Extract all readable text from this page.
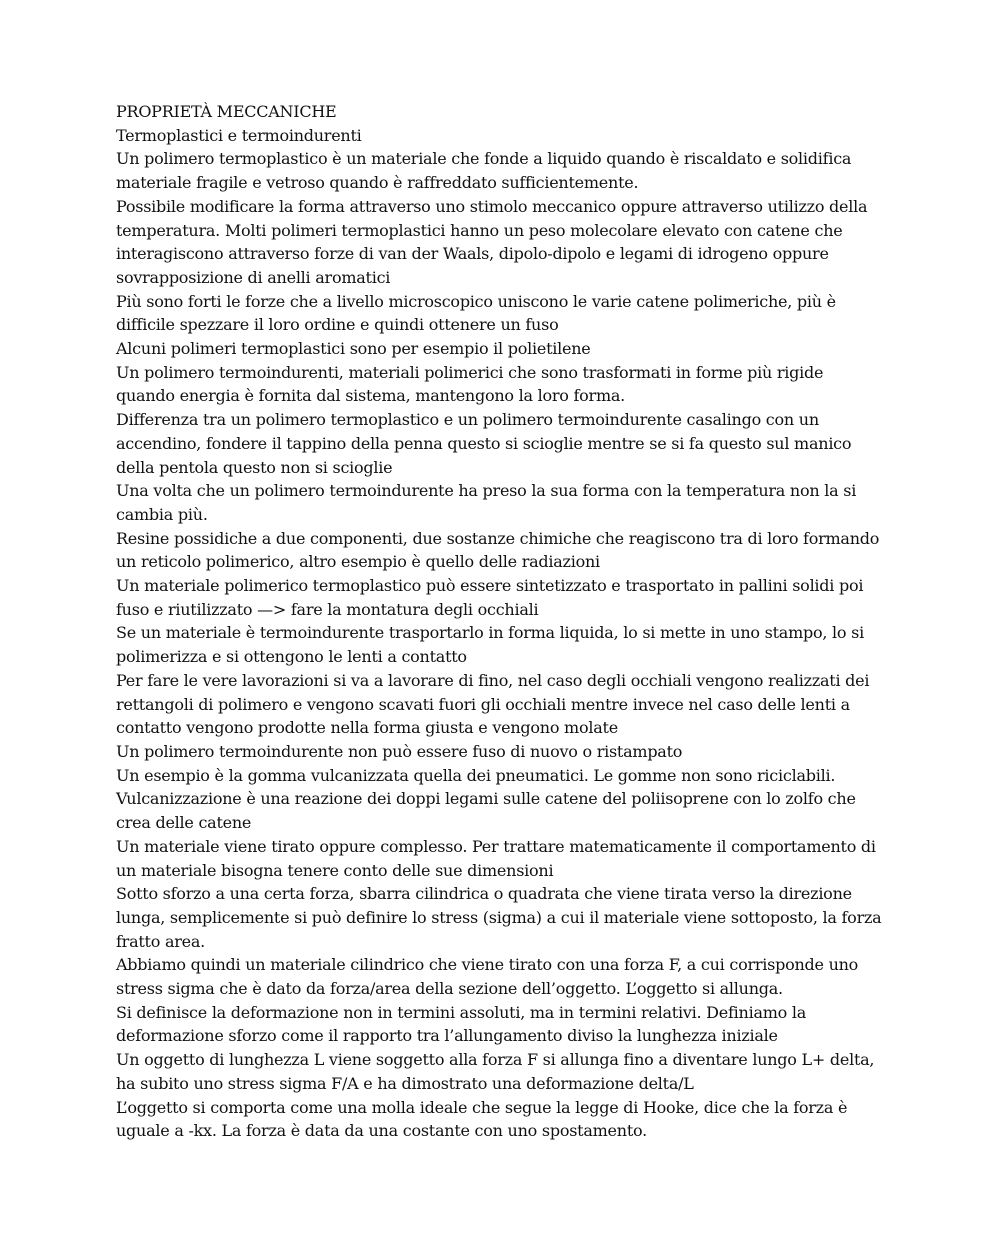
PROPRIETÀ MECCANICHE

Termoplastici e termoindurenti

Un polimero termoplastico è un materiale che fonde a liquido quando è riscaldato e solidifica materiale fragile e vetroso quando è raffreddato sufficientemente.

Possibile modificare la forma attraverso uno stimolo meccanico oppure attraverso utilizzo della temperatura. Molti polimeri termoplastici hanno un peso molecolare elevato con catene che interagiscono attraverso forze di van der Waals, dipolo-dipolo e legami di idrogeno oppure sovrapposizione di anelli aromatici

Più sono forti le forze che a livello microscopico uniscono le varie catene polimeriche, più è difficile spezzare il loro ordine e quindi ottenere un fuso

Alcuni polimeri termoplastici sono per esempio il polietilene

Un polimero termoindurenti, materiali polimerici che sono trasformati in forme più rigide quando energia è fornita dal sistema, mantengono la loro forma.

Differenza tra un polimero termoplastico e un polimero termoindurente casalingo con un accendino, fondere il tappino della penna questo si scioglie mentre se si fa questo sul manico della pentola questo non si scioglie

Una volta che un polimero termoindurente ha preso la sua forma con la temperatura non la si cambia più.

Resine possidiche a due componenti, due sostanze chimiche che reagiscono tra di loro formando un reticolo polimerico, altro esempio è quello delle radiazioni

Un materiale polimerico termoplastico può essere sintetizzato e trasportato in pallini solidi poi fuso e riutilizzato —> fare la montatura degli occhiali

Se un materiale è termoindurente trasportarlo in forma liquida, lo si mette in uno stampo, lo si polimerizza e si ottengono le lenti a contatto

Per fare le vere lavorazioni si va a lavorare di fino, nel caso degli occhiali vengono realizzati dei rettangoli di polimero e vengono scavati fuori gli occhiali mentre invece nel caso delle lenti a contatto vengono prodotte nella forma giusta e vengono molate

Un polimero termoindurente non può essere fuso di nuovo o ristampato

Un esempio è la gomma vulcanizzata quella dei pneumatici. Le gomme non sono riciclabili.

Vulcanizzazione è una reazione dei doppi legami sulle catene del poliisoprene con lo zolfo che crea delle catene

Un materiale viene tirato oppure complesso. Per trattare matematicamente il comportamento di un materiale bisogna tenere conto delle sue dimensioni

Sotto sforzo a una certa forza, sbarra cilindrica o quadrata che viene tirata verso la direzione lunga, semplicemente si può definire lo stress (sigma) a cui il materiale viene sottoposto, la forza fratto area.

Abbiamo quindi un materiale cilindrico che viene tirato con una forza F, a cui corrisponde uno stress sigma che è dato da forza/area della sezione dell’oggetto. L’oggetto si allunga.

Si definisce la deformazione non in termini assoluti, ma in termini relativi. Definiamo la deformazione sforzo come il rapporto tra l’allungamento diviso la lunghezza iniziale

Un oggetto di lunghezza L viene soggetto alla forza F si allunga fino a diventare lungo L+ delta, ha subito uno stress sigma F/A e ha dimostrato una deformazione delta/L

L’oggetto si comporta come una molla ideale che segue la legge di Hooke, dice che la forza è uguale a -kx. La forza è data da una costante con uno spostamento.
